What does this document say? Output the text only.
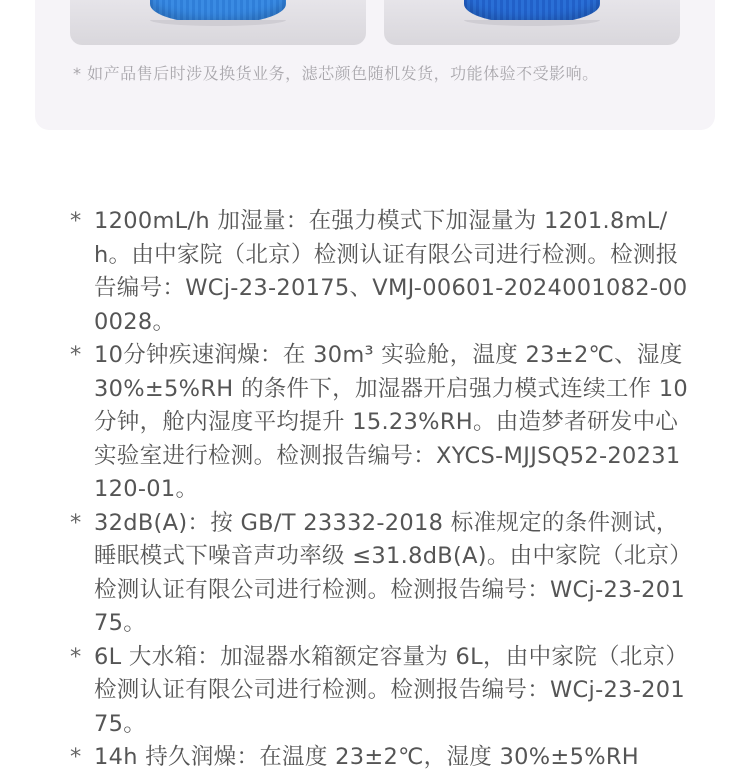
* 如产品售后时涉及换货业务，滤芯颜色随机发货，功能体验不受影响。
* 1200mL/h 加湿量：在强力模式下加湿量为 1201.8mL/h。由中家院（北京）检测认证有限公司进行检测。检测报告编号：WCj-23-20175、VMJ-00601-2024001082-000028。
* 10分钟疾速润燥：在 30m³ 实验舱，温度 23±2℃、湿度 30%±5%RH 的条件下，加湿器开启强力模式连续工作 10分钟，舱内湿度平均提升 15.23%RH。由造梦者研发中心实验室进行检测。检测报告编号：XYCS-MJJSQ52-20231120-01。
* 32dB(A)：按 GB/T 23332-2018 标准规定的条件测试，睡眠模式下噪音声功率级 ≤31.8dB(A)。由中家院（北京）检测认证有限公司进行检测。检测报告编号：WCj-23-20175。
* 6L 大水箱：加湿器水箱额定容量为 6L，由中家院（北京）检测认证有限公司进行检测。检测报告编号：WCj-23-20175。
* 14h 持久润燥：在温度 23±2℃，湿度 30%±5%RH
